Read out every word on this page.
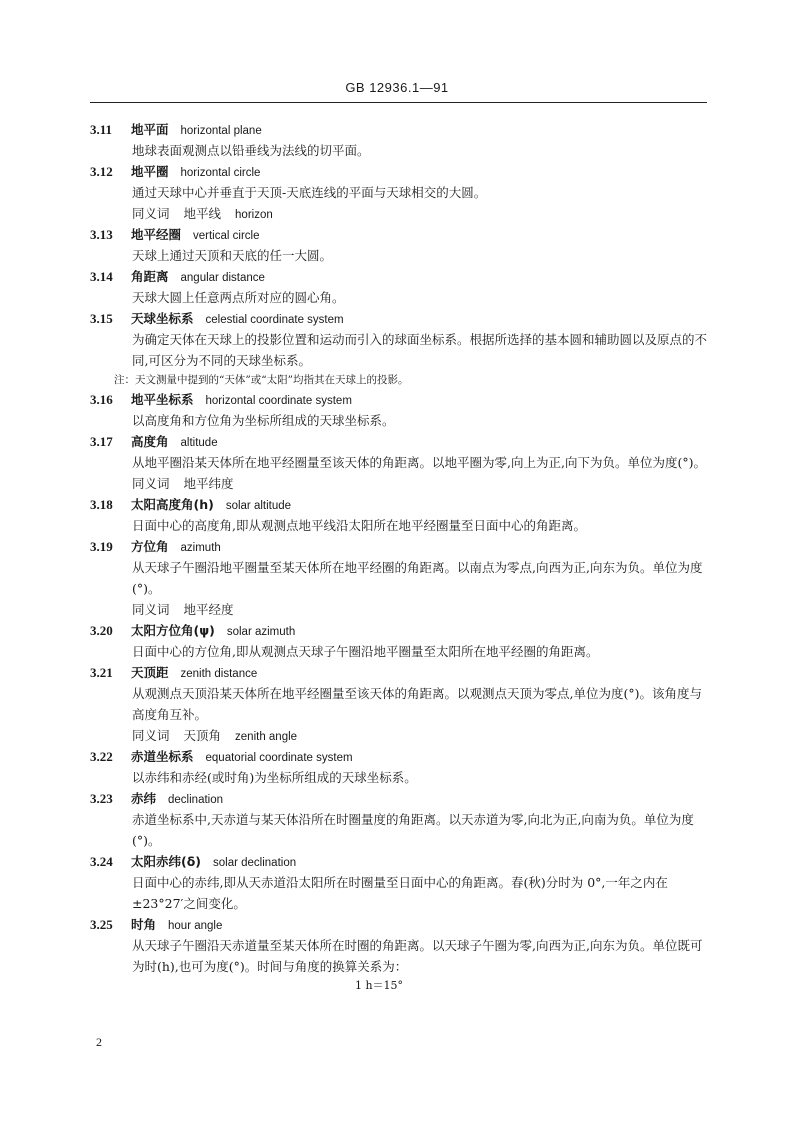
GB 12936.1—91
3.11 地平面 horizontal plane
地球表面观测点以铅垂线为法线的切平面。
3.12 地平圈 horizontal circle
通过天球中心并垂直于天顶-天底连线的平面与天球相交的大圆。
同义词 地平线 horizon
3.13 地平经圈 vertical circle
天球上通过天顶和天底的任一大圆。
3.14 角距离 angular distance
天球大圆上任意两点所对应的圆心角。
3.15 天球坐标系 celestial coordinate system
为确定天体在天球上的投影位置和运动而引入的球面坐标系。根据所选择的基本圆和辅助圆以及原点的不同,可区分为不同的天球坐标系。
注：天文测量中提到的“天体”或“太阳”均指其在天球上的投影。
3.16 地平坐标系 horizontal coordinate system
以高度角和方位角为坐标所组成的天球坐标系。
3.17 高度角 altitude
从地平圈沿某天体所在地平经圈量至该天体的角距离。以地平圈为零,向上为正,向下为负。单位为度(°)。
同义词 地平纬度
3.18 太阳高度角(h) solar altitude
日面中心的高度角,即从观测点地平线沿太阳所在地平经圈量至日面中心的角距离。
3.19 方位角 azimuth
从天球子午圈沿地平圈量至某天体所在地平经圈的角距离。以南点为零点,向西为正,向东为负。单位为度(°)。
同义词 地平经度
3.20 太阳方位角(ψ) solar azimuth
日面中心的方位角,即从观测点天球子午圈沿地平圈量至太阳所在地平经圈的角距离。
3.21 天顶距 zenith distance
从观测点天顶沿某天体所在地平经圈量至该天体的角距离。以观测点天顶为零点,单位为度(°)。该角度与高度角互补。
同义词 天顶角 zenith angle
3.22 赤道坐标系 equatorial coordinate system
以赤纬和赤经(或时角)为坐标所组成的天球坐标系。
3.23 赤纬 declination
赤道坐标系中,天赤道与某天体沿所在时圈量度的角距离。以天赤道为零,向北为正,向南为负。单位为度(°)。
3.24 太阳赤纬(δ) solar declination
日面中心的赤纬,即从天赤道沿太阳所在时圈量至日面中心的角距离。春(秋)分时为 0°,一年之内在±23°27′之间变化。
3.25 时角 hour angle
从天球子午圈沿天赤道量至某天体所在时圈的角距离。以天球子午圈为零,向西为正,向东为负。单位既可为时(h),也可为度(°)。时间与角度的换算关系为：
1 h＝15°
2
